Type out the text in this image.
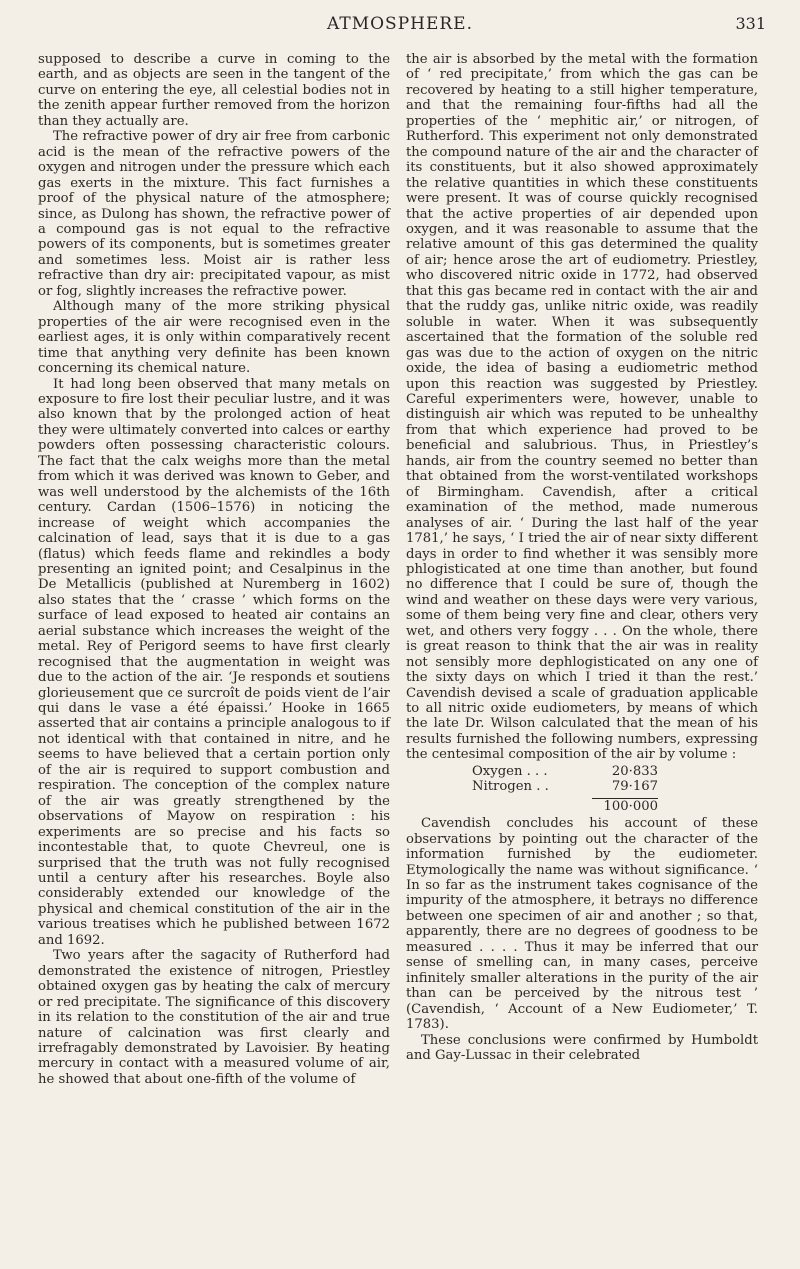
ATMOSPHERE.	331

supposed to describe a curve in coming to the earth, and as objects are seen in the tangent of the curve on entering the eye, all celestial bodies not in the zenith appear further removed from the horizon than they actually are.

The refractive power of dry air free from carbonic acid is the mean of the refractive powers of the oxygen and nitrogen under the pressure which each gas exerts in the mixture. This fact furnishes a proof of the physical nature of the atmosphere; since, as Dulong has shown, the refractive power of a compound gas is not equal to the refractive powers of its components, but is sometimes greater and sometimes less. Moist air is rather less refractive than dry air: precipitated vapour, as mist or fog, slightly increases the refractive power.

Although many of the more striking physical properties of the air were recognised even in the earliest ages, it is only within comparatively recent time that anything very definite has been known concerning its chemical nature.

It had long been observed that many metals on exposure to fire lost their peculiar lustre, and it was also known that by the prolonged action of heat they were ultimately converted into calces or earthy powders often possessing characteristic colours. The fact that the calx weighs more than the metal from which it was derived was known to Geber, and was well understood by the alchemists of the 16th century. Cardan (1506–1576) in noticing the increase of weight which accompanies the calcination of lead, says that it is due to a gas (flatus) which feeds flame and rekindles a body presenting an ignited point; and Cesalpinus in the De Metallicis (published at Nuremberg in 1602) also states that the ‘ crasse ’ which forms on the surface of lead exposed to heated air contains an aerial substance which increases the weight of the metal. Rey of Perigord seems to have first clearly recognised that the augmentation in weight was due to the action of the air. ‘Je responds et soutiens glorieusement que ce surcroît de poids vient de l’air qui dans le vase a été épaissi.’ Hooke in 1665 asserted that air contains a principle analogous to if not identical with that contained in nitre, and he seems to have believed that a certain portion only of the air is required to support combustion and respiration. The conception of the complex nature of the air was greatly strengthened by the observations of Mayow on respiration : his experiments are so precise and his facts so incontestable that, to quote Chevreul, one is surprised that the truth was not fully recognised until a century after his researches. Boyle also considerably extended our knowledge of the physical and chemical constitution of the air in the various treatises which he published between 1672 and 1692.

Two years after the sagacity of Rutherford had demonstrated the existence of nitrogen, Priestley obtained oxygen gas by heating the calx of mercury or red precipitate. The significance of this discovery in its relation to the constitution of the air and true nature of calcination was first clearly and irrefragably demonstrated by Lavoisier. By heating mercury in contact with a measured volume of air, he showed that about one-fifth of the volume of

the air is absorbed by the metal with the formation of ‘ red precipitate,’ from which the gas can be recovered by heating to a still higher temperature, and that the remaining four-fifths had all the properties of the ‘ mephitic air,’ or nitrogen, of Rutherford. This experiment not only demonstrated the compound nature of the air and the character of its constituents, but it also showed approximately the relative quantities in which these constituents were present. It was of course quickly recognised that the active properties of air depended upon oxygen, and it was reasonable to assume that the relative amount of this gas determined the quality of air; hence arose the art of eudiometry. Priestley, who discovered nitric oxide in 1772, had observed that this gas became red in contact with the air and that the ruddy gas, unlike nitric oxide, was readily soluble in water. When it was subsequently ascertained that the formation of the soluble red gas was due to the action of oxygen on the nitric oxide, the idea of basing a eudiometric method upon this reaction was suggested by Priestley. Careful experimenters were, however, unable to distinguish air which was reputed to be unhealthy from that which experience had proved to be beneficial and salubrious. Thus, in Priestley’s hands, air from the country seemed no better than that obtained from the worst-ventilated workshops of Birmingham. Cavendish, after a critical examination of the method, made numerous analyses of air. ‘ During the last half of the year 1781,’ he says, ‘ I tried the air of near sixty different days in order to find whether it was sensibly more phlogisticated at one time than another, but found no difference that I could be sure of, though the wind and weather on these days were very various, some of them being very fine and clear, others very wet, and others very foggy . . . On the whole, there is great reason to think that the air was in reality not sensibly more dephlogisticated on any one of the sixty days on which I tried it than the rest.’ Cavendish devised a scale of graduation applicable to all nitric oxide eudiometers, by means of which the late Dr. Wilson calculated that the mean of his results furnished the following numbers, expressing the centesimal composition of the air by volume :

Oxygen . . .	20·833
Nitrogen . .	79·167
100·000

Cavendish concludes his account of these observations by pointing out the character of the information furnished by the eudiometer. Etymologically the name was without significance. ‘ In so far as the instrument takes cognisance of the impurity of the atmosphere, it betrays no difference between one specimen of air and another ; so that, apparently, there are no degrees of goodness to be measured . . . . Thus it may be inferred that our sense of smelling can, in many cases, perceive infinitely smaller alterations in the purity of the air than can be perceived by the nitrous test ’ (Cavendish, ‘ Account of a New Eudiometer,’ T. 1783).

These conclusions were confirmed by Humboldt and Gay-Lussac in their celebrated
